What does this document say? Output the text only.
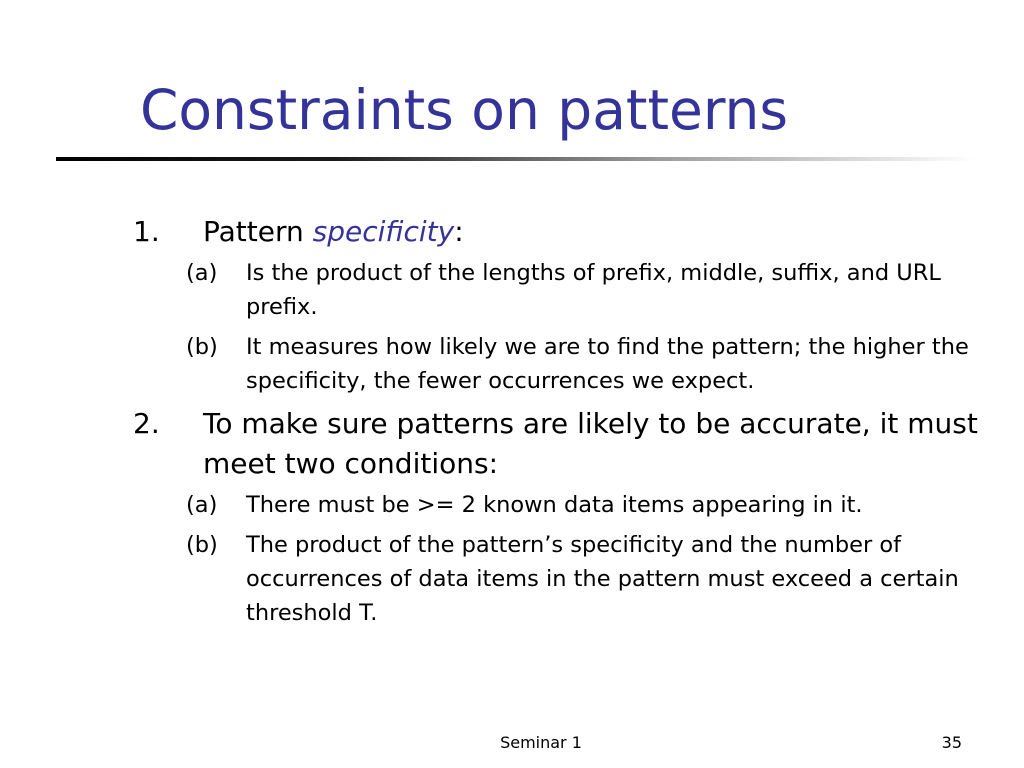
Constraints on patterns
1. Pattern specificity:
(a) Is the product of the lengths of prefix, middle, suffix, and URL prefix.
(b) It measures how likely we are to find the pattern; the higher the specificity, the fewer occurrences we expect.
2. To make sure patterns are likely to be accurate, it must meet two conditions:
(a) There must be >= 2 known data items appearing in it.
(b) The product of the pattern’s specificity and the number of occurrences of data items in the pattern must exceed a certain threshold T.
Seminar 1	35
